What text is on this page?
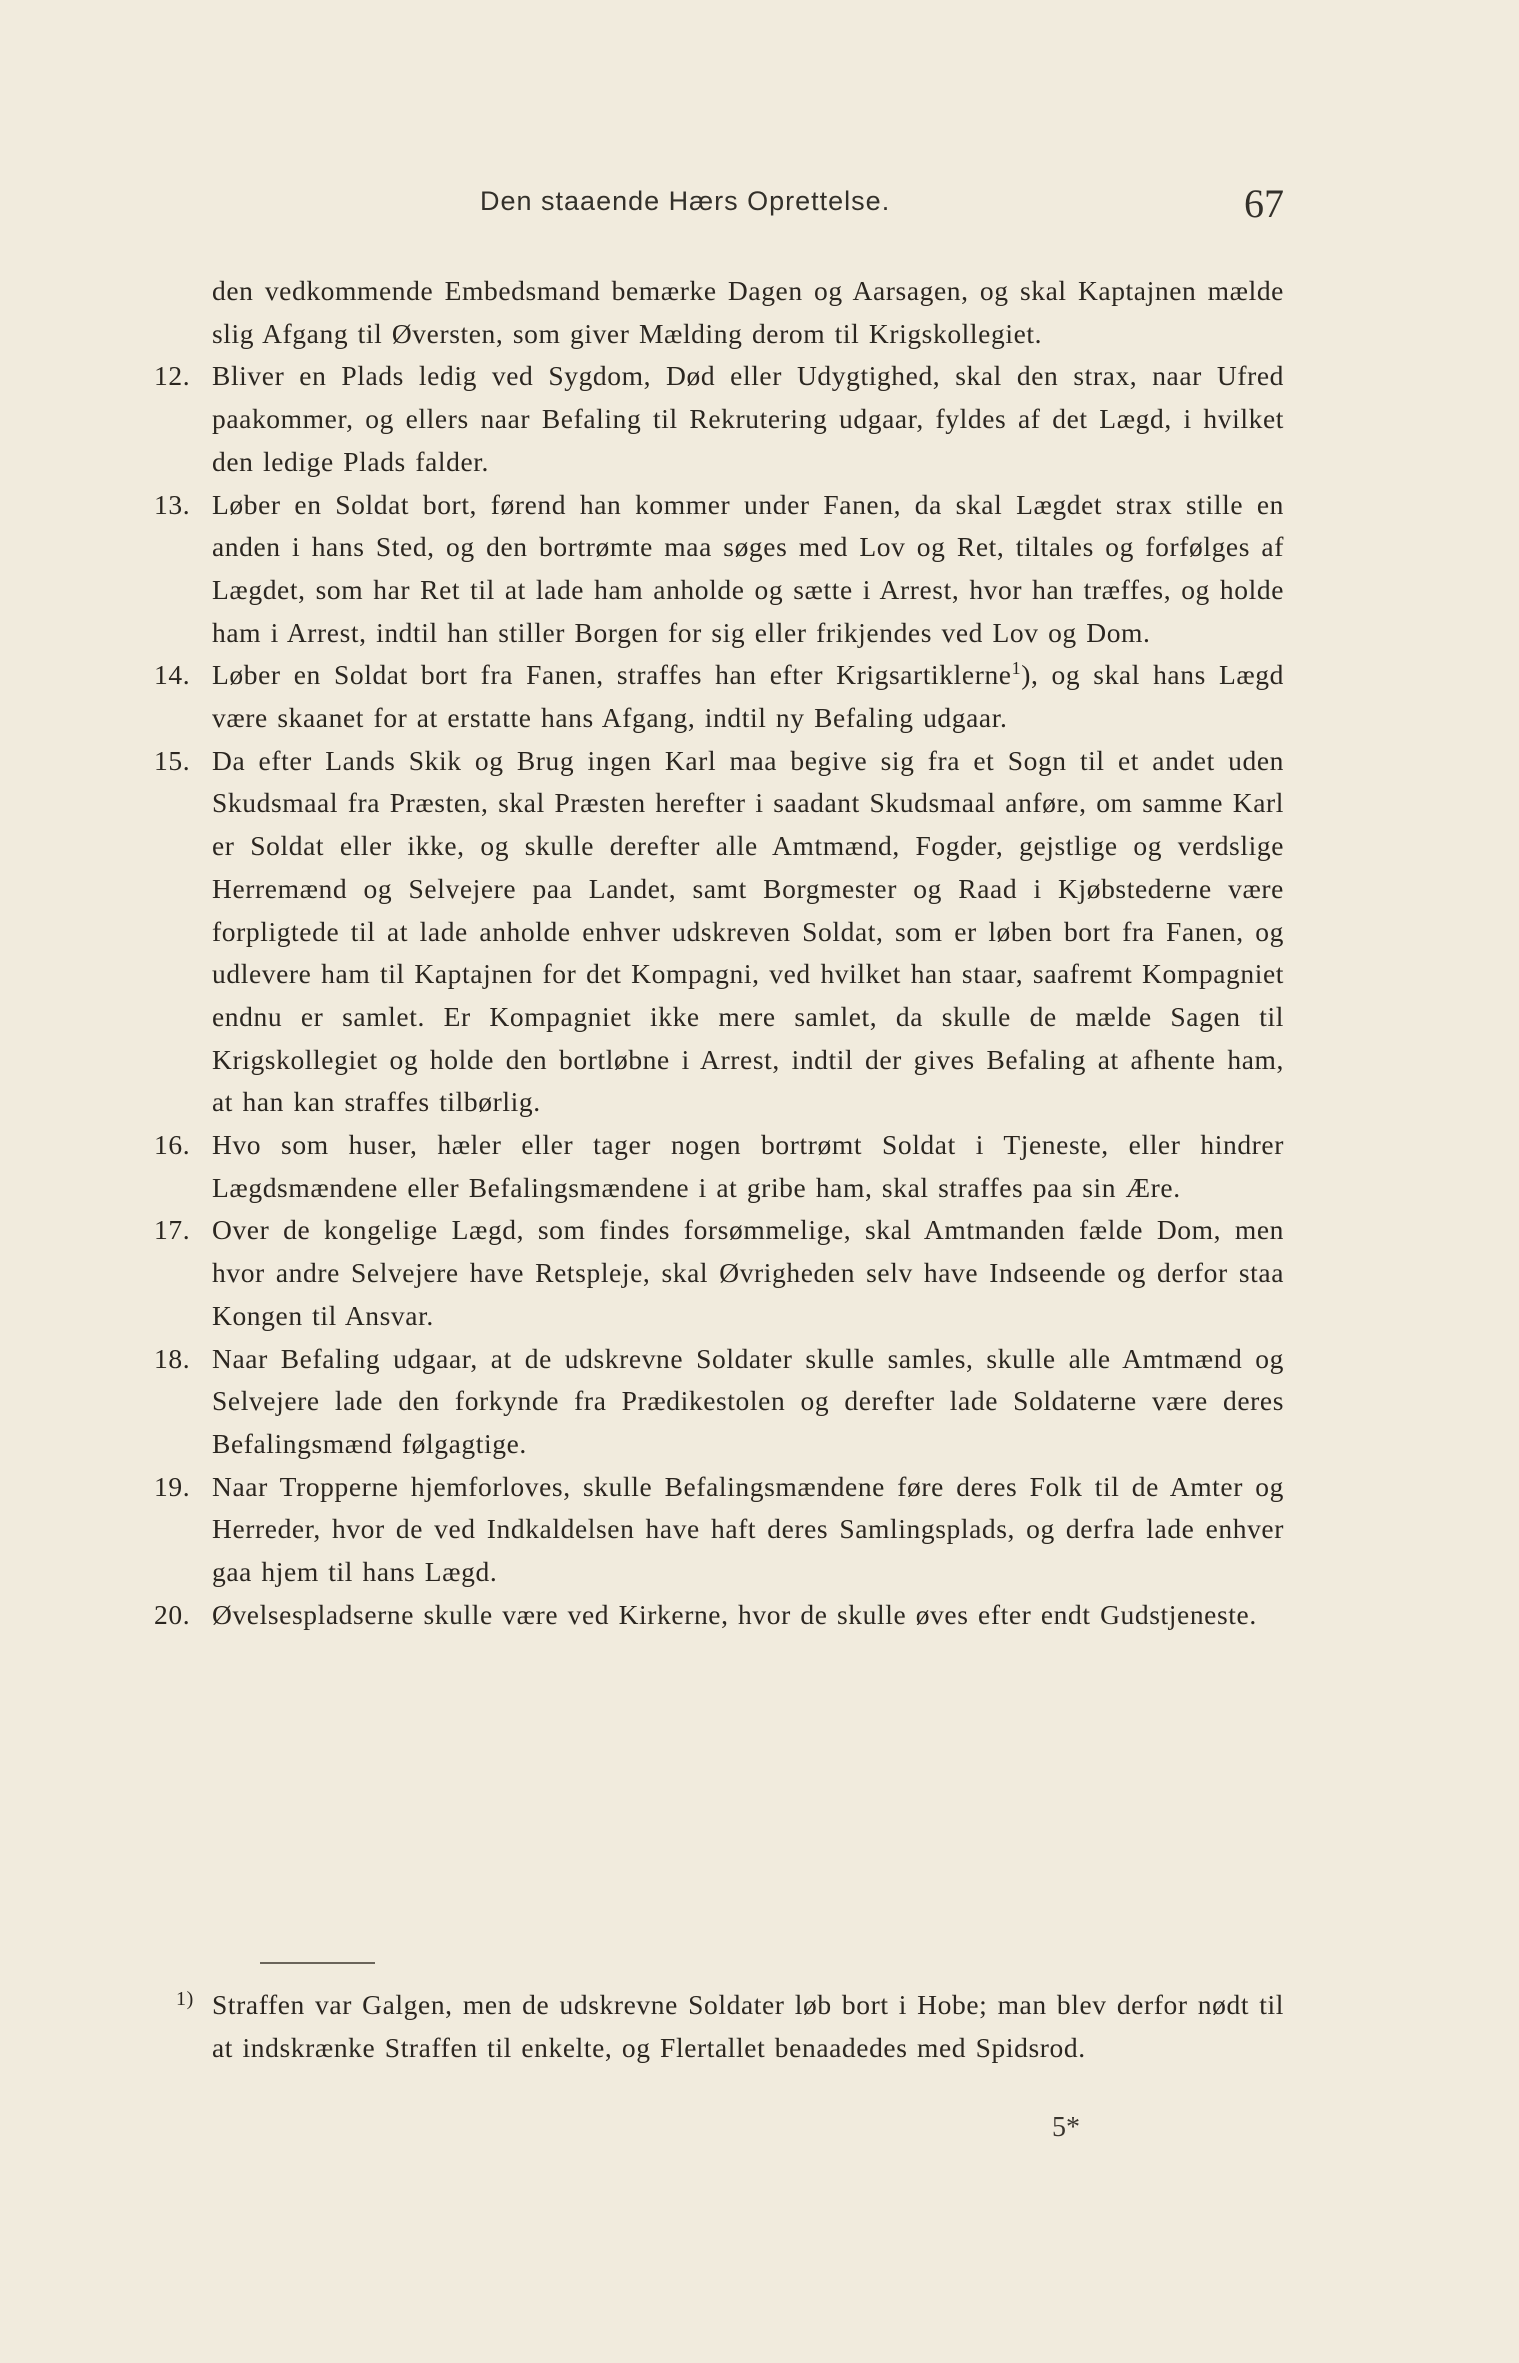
Den staaende Hærs Oprettelse.	67

den vedkommende Embedsmand bemærke Dagen og Aarsagen, og skal Kaptajnen mælde slig Afgang til Øversten, som giver Mælding derom til Krigskollegiet.

12. Bliver en Plads ledig ved Sygdom, Død eller Udygtighed, skal den strax, naar Ufred paakommer, og ellers naar Befaling til Rekrutering udgaar, fyldes af det Lægd, i hvilket den ledige Plads falder.
13. Løber en Soldat bort, førend han kommer under Fanen, da skal Lægdet strax stille en anden i hans Sted, og den bortrømte maa søges med Lov og Ret, tiltales og forfølges af Lægdet, som har Ret til at lade ham anholde og sætte i Arrest, hvor han træffes, og holde ham i Arrest, indtil han stiller Borgen for sig eller frikjendes ved Lov og Dom.
14. Løber en Soldat bort fra Fanen, straffes han efter Krigsartiklerne$^1$), og skal hans Lægd være skaanet for at erstatte hans Afgang, indtil ny Befaling udgaar.
15. Da efter Lands Skik og Brug ingen Karl maa begive sig fra et Sogn til et andet uden Skudsmaal fra Præsten, skal Præsten herefter i saadant Skudsmaal anføre, om samme Karl er Soldat eller ikke, og skulle derefter alle Amtmænd, Fogder, gejstlige og verdslige Herremænd og Selvejere paa Landet, samt Borgmester og Raad i Kjøbstederne være forpligtede til at lade anholde enhver udskreven Soldat, som er løben bort fra Fanen, og udlevere ham til Kaptajnen for det Kompagni, ved hvilket han staar, saafremt Kompagniet endnu er samlet. Er Kompagniet ikke mere samlet, da skulle de mælde Sagen til Krigskollegiet og holde den bortløbne i Arrest, indtil der gives Befaling at afhente ham, at han kan straffes tilbørlig.
16. Hvo som huser, hæler eller tager nogen bortrømt Soldat i Tjeneste, eller hindrer Lægdsmændene eller Befalingsmændene i at gribe ham, skal straffes paa sin Ære.
17. Over de kongelige Lægd, som findes forsømmelige, skal Amtmanden fælde Dom, men hvor andre Selvejere have Retspleje, skal Øvrigheden selv have Indseende og derfor staa Kongen til Ansvar.
18. Naar Befaling udgaar, at de udskrevne Soldater skulle samles, skulle alle Amtmænd og Selvejere lade den forkynde fra Prædikestolen og derefter lade Soldaterne være deres Befalingsmænd følgagtige.
19. Naar Tropperne hjemforloves, skulle Befalingsmændene føre deres Folk til de Amter og Herreder, hvor de ved Indkaldelsen have haft deres Samlingsplads, og derfra lade enhver gaa hjem til hans Lægd.
20. Øvelsespladserne skulle være ved Kirkerne, hvor de skulle øves efter endt Gudstjeneste.
1) Straffen var Galgen, men de udskrevne Soldater løb bort i Hobe; man blev derfor nødt til at indskrænke Straffen til enkelte, og Flertallet benaadedes med Spidsrod.
5*
